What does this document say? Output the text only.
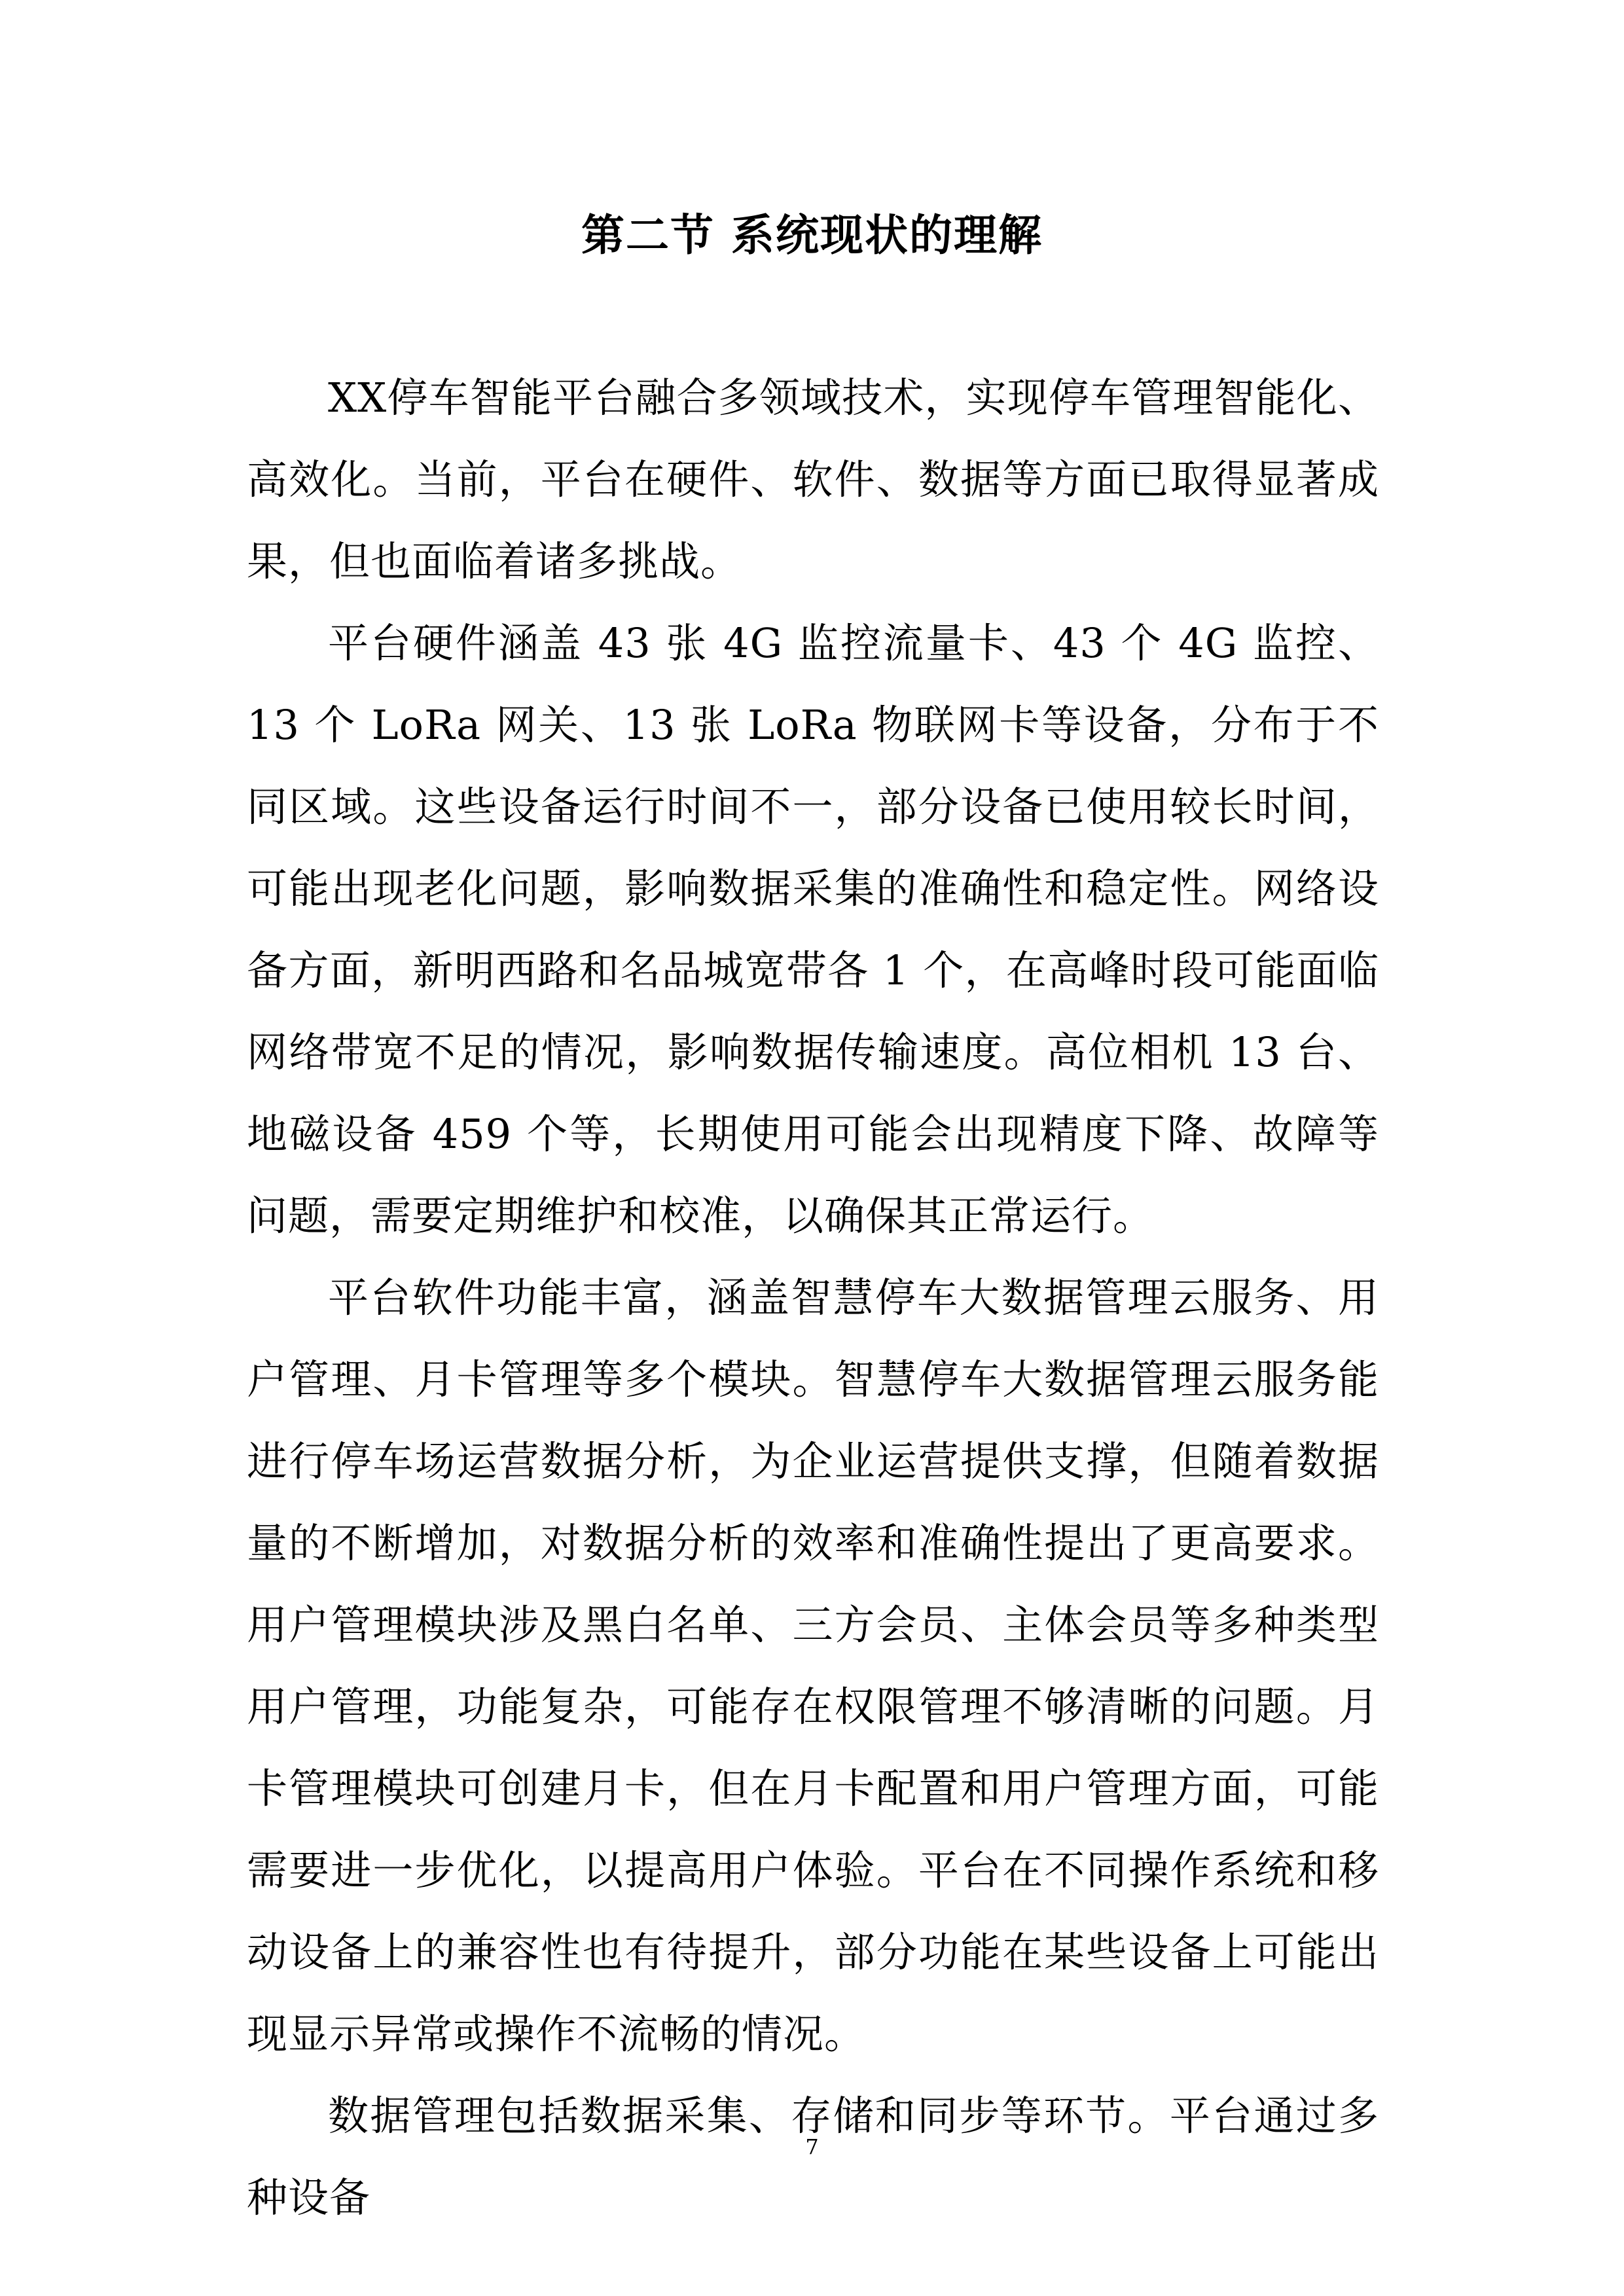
第二节 系统现状的理解

XX停车智能平台融合多领域技术，实现停车管理智能化、高效化。当前，平台在硬件、软件、数据等方面已取得显著成果，但也面临着诸多挑战。

平台硬件涵盖 43 张 4G 监控流量卡、43 个 4G 监控、13 个 LoRa 网关、13 张 LoRa 物联网卡等设备，分布于不同区域。这些设备运行时间不一，部分设备已使用较长时间，可能出现老化问题，影响数据采集的准确性和稳定性。网络设备方面，新明西路和名品城宽带各 1 个，在高峰时段可能面临网络带宽不足的情况，影响数据传输速度。高位相机 13 台、地磁设备 459 个等，长期使用可能会出现精度下降、故障等问题，需要定期维护和校准，以确保其正常运行。

平台软件功能丰富，涵盖智慧停车大数据管理云服务、用户管理、月卡管理等多个模块。智慧停车大数据管理云服务能进行停车场运营数据分析，为企业运营提供支撑，但随着数据量的不断增加，对数据分析的效率和准确性提出了更高要求。用户管理模块涉及黑白名单、三方会员、主体会员等多种类型用户管理，功能复杂，可能存在权限管理不够清晰的问题。月卡管理模块可创建月卡，但在月卡配置和用户管理方面，可能需要进一步优化，以提高用户体验。平台在不同操作系统和移动设备上的兼容性也有待提升，部分功能在某些设备上可能出现显示异常或操作不流畅的情况。

数据管理包括数据采集、存储和同步等环节。平台通过多种设备

7
